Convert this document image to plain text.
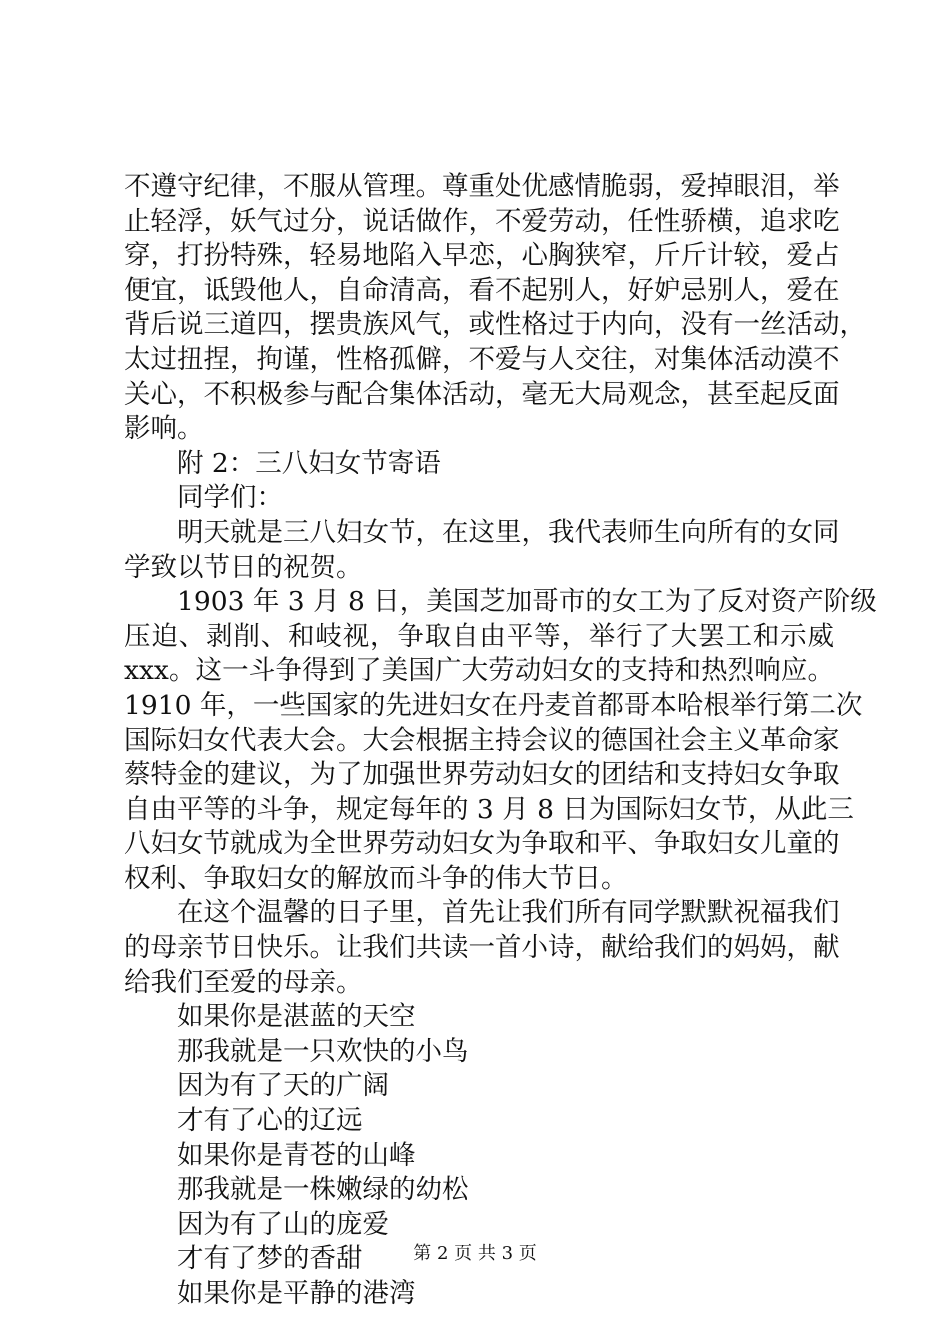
不遵守纪律，不服从管理。尊重处优感情脆弱，爱掉眼泪，举
止轻浮，妖气过分，说话做作，不爱劳动，任性骄横，追求吃
穿，打扮特殊，轻易地陷入早恋，心胸狭窄，斤斤计较，爱占
便宜，诋毁他人，自命清高，看不起别人，好妒忌别人，爱在
背后说三道四，摆贵族风气，或性格过于内向，没有一丝活动，
太过扭捏，拘谨，性格孤僻，不爱与人交往，对集体活动漠不
关心，不积极参与配合集体活动，毫无大局观念，甚至起反面
影响。
附 2：三八妇女节寄语
同学们：
明天就是三八妇女节，在这里，我代表师生向所有的女同
学致以节日的祝贺。
1903 年 3 月 8 日，美国芝加哥市的女工为了反对资产阶级
压迫、剥削、和岐视，争取自由平等，举行了大罢工和示威
xxx。这一斗争得到了美国广大劳动妇女的支持和热烈响应。
1910 年，一些国家的先进妇女在丹麦首都哥本哈根举行第二次
国际妇女代表大会。大会根据主持会议的德国社会主义革命家
蔡特金的建议，为了加强世界劳动妇女的团结和支持妇女争取
自由平等的斗争，规定每年的 3 月 8 日为国际妇女节，从此三
八妇女节就成为全世界劳动妇女为争取和平、争取妇女儿童的
权利、争取妇女的解放而斗争的伟大节日。
在这个温馨的日子里，首先让我们所有同学默默祝福我们
的母亲节日快乐。让我们共读一首小诗，献给我们的妈妈，献
给我们至爱的母亲。
如果你是湛蓝的天空
那我就是一只欢快的小鸟
因为有了天的广阔
才有了心的辽远
如果你是青苍的山峰
那我就是一株嫩绿的幼松
因为有了山的庞爱
才有了梦的香甜
如果你是平静的港湾
第 2 页 共 3 页
